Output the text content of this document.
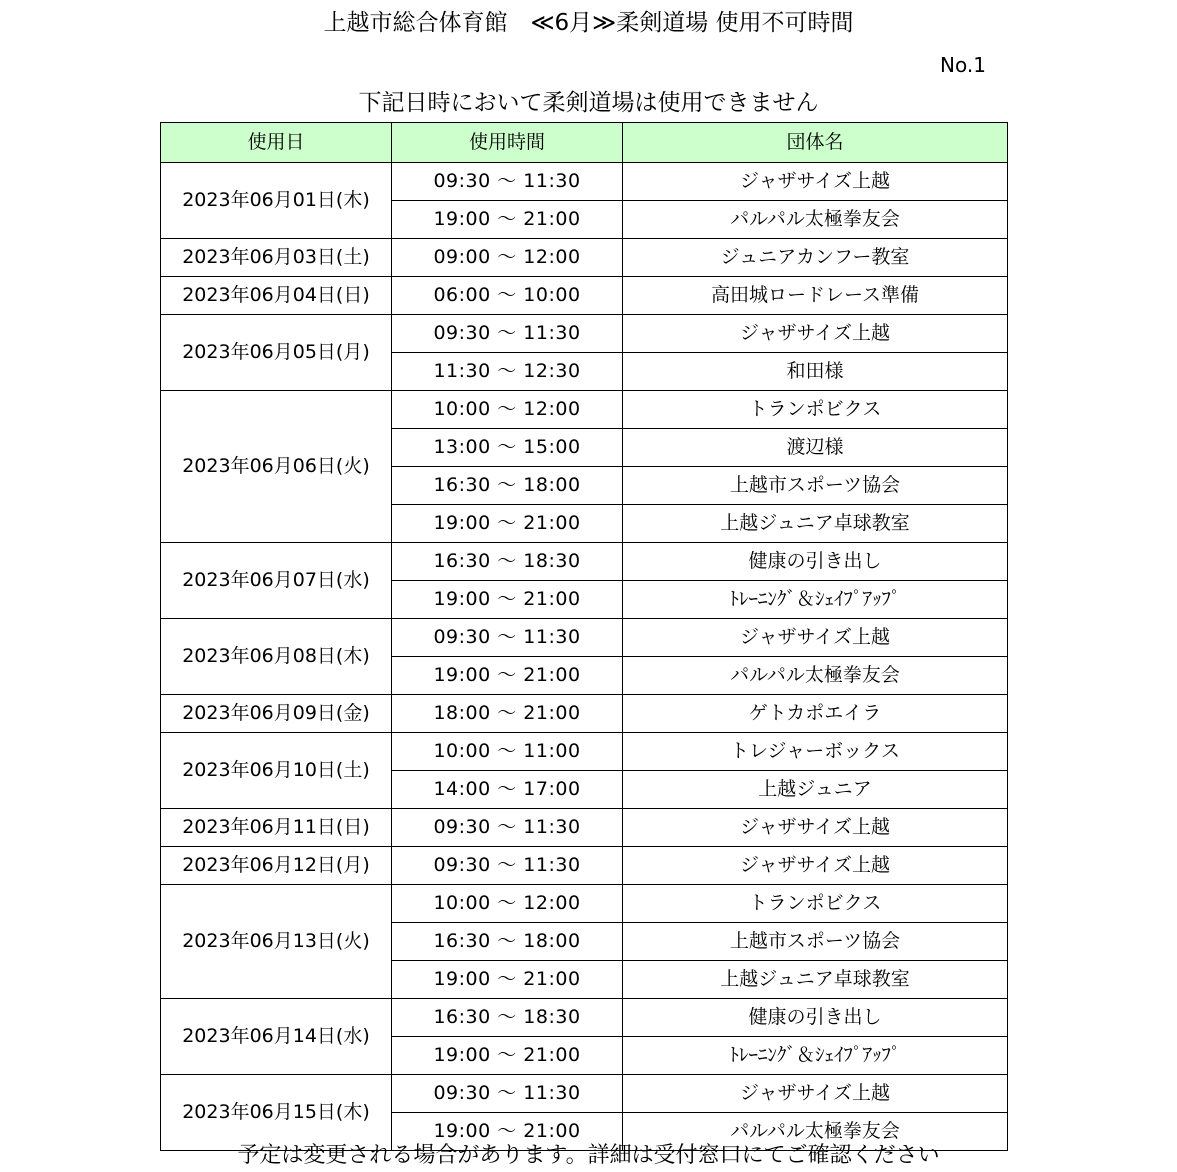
上越市総合体育館　≪6月≫柔剣道場 使用不可時間
No.1
下記日時において柔剣道場は使用できません
使用日	使用時間	団体名
2023年06月01日(木)	09:30 ～ 11:30	ジャザサイズ上越
	19:00 ～ 21:00	パルパル太極拳友会
2023年06月03日(土)	09:00 ～ 12:00	ジュニアカンフー教室
2023年06月04日(日)	06:00 ～ 10:00	高田城ロードレース準備
2023年06月05日(月)	09:30 ～ 11:30	ジャザサイズ上越
	11:30 ～ 12:30	和田様
2023年06月06日(火)	10:00 ～ 12:00	トランポビクス
	13:00 ～ 15:00	渡辺様
	16:30 ～ 18:00	上越市スポーツ協会
	19:00 ～ 21:00	上越ジュニア卓球教室
2023年06月07日(水)	16:30 ～ 18:30	健康の引き出し
	19:00 ～ 21:00	ﾄﾚｰﾆﾝｸﾞ＆ｼｪｲﾌﾟｱｯﾌﾟ
2023年06月08日(木)	09:30 ～ 11:30	ジャザサイズ上越
	19:00 ～ 21:00	パルパル太極拳友会
2023年06月09日(金)	18:00 ～ 21:00	ゲトカポエイラ
2023年06月10日(土)	10:00 ～ 11:00	トレジャーボックス
	14:00 ～ 17:00	上越ジュニア
2023年06月11日(日)	09:30 ～ 11:30	ジャザサイズ上越
2023年06月12日(月)	09:30 ～ 11:30	ジャザサイズ上越
2023年06月13日(火)	10:00 ～ 12:00	トランポビクス
	16:30 ～ 18:00	上越市スポーツ協会
	19:00 ～ 21:00	上越ジュニア卓球教室
2023年06月14日(水)	16:30 ～ 18:30	健康の引き出し
	19:00 ～ 21:00	ﾄﾚｰﾆﾝｸﾞ＆ｼｪｲﾌﾟｱｯﾌﾟ
2023年06月15日(木)	09:30 ～ 11:30	ジャザサイズ上越
	19:00 ～ 21:00	パルパル太極拳友会
予定は変更される場合があります。詳細は受付窓口にてご確認ください
